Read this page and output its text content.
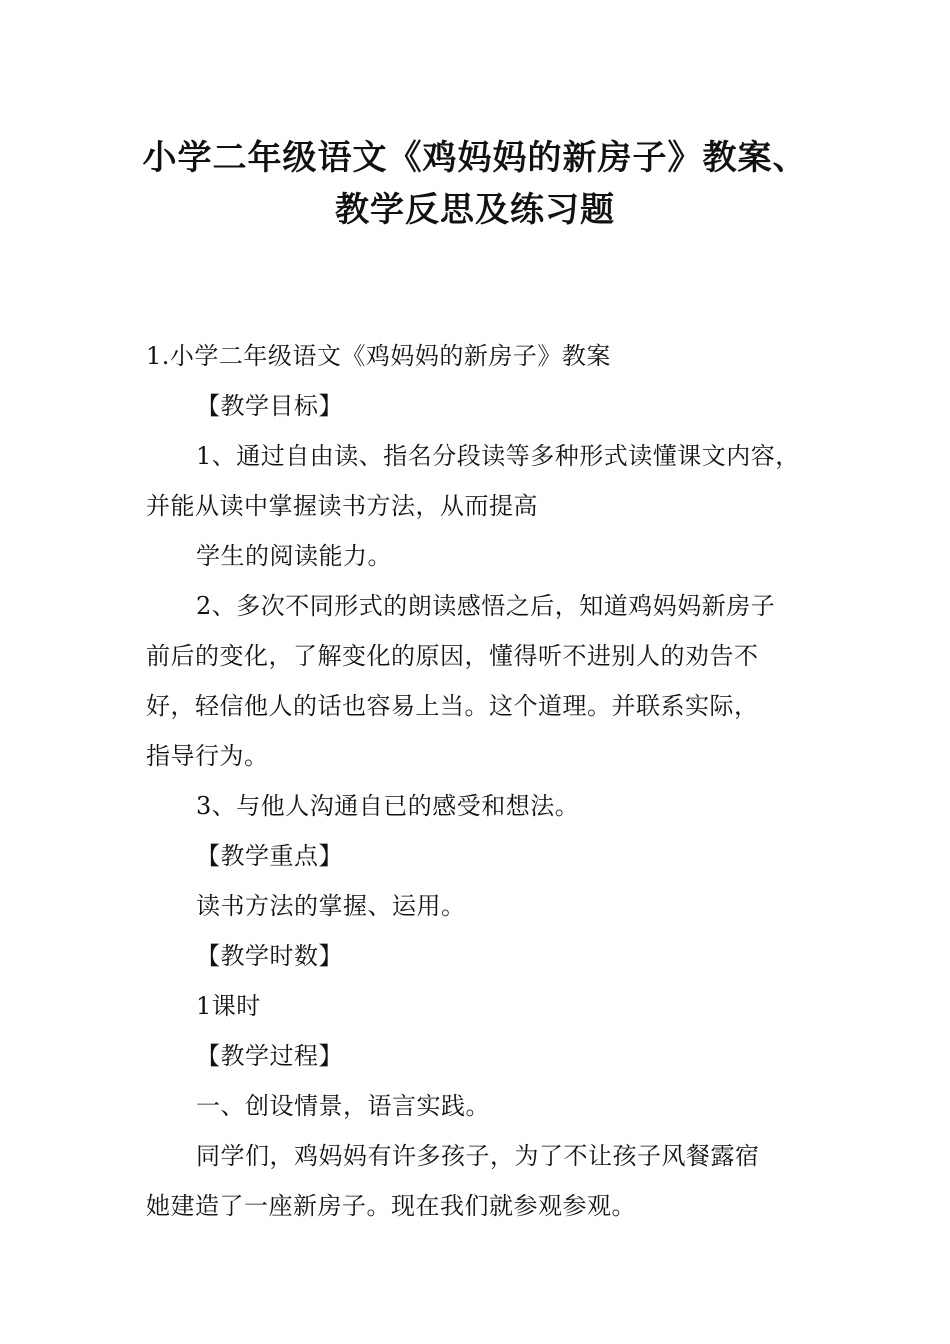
小学二年级语文《鸡妈妈的新房子》教案、
教学反思及练习题
1.小学二年级语文《鸡妈妈的新房子》教案
【教学目标】
1、通过自由读、指名分段读等多种形式读懂课文内容，
并能从读中掌握读书方法，从而提高
学生的阅读能力。
2、多次不同形式的朗读感悟之后，知道鸡妈妈新房子
前后的变化，了解变化的原因，懂得听不进别人的劝告不
好，轻信他人的话也容易上当。这个道理。并联系实际，
指导行为。
3、与他人沟通自已的感受和想法。
【教学重点】
读书方法的掌握、运用。
【教学时数】
1课时
【教学过程】
一、创设情景，语言实践。
同学们，鸡妈妈有许多孩子，为了不让孩子风餐露宿
她建造了一座新房子。现在我们就参观参观。
